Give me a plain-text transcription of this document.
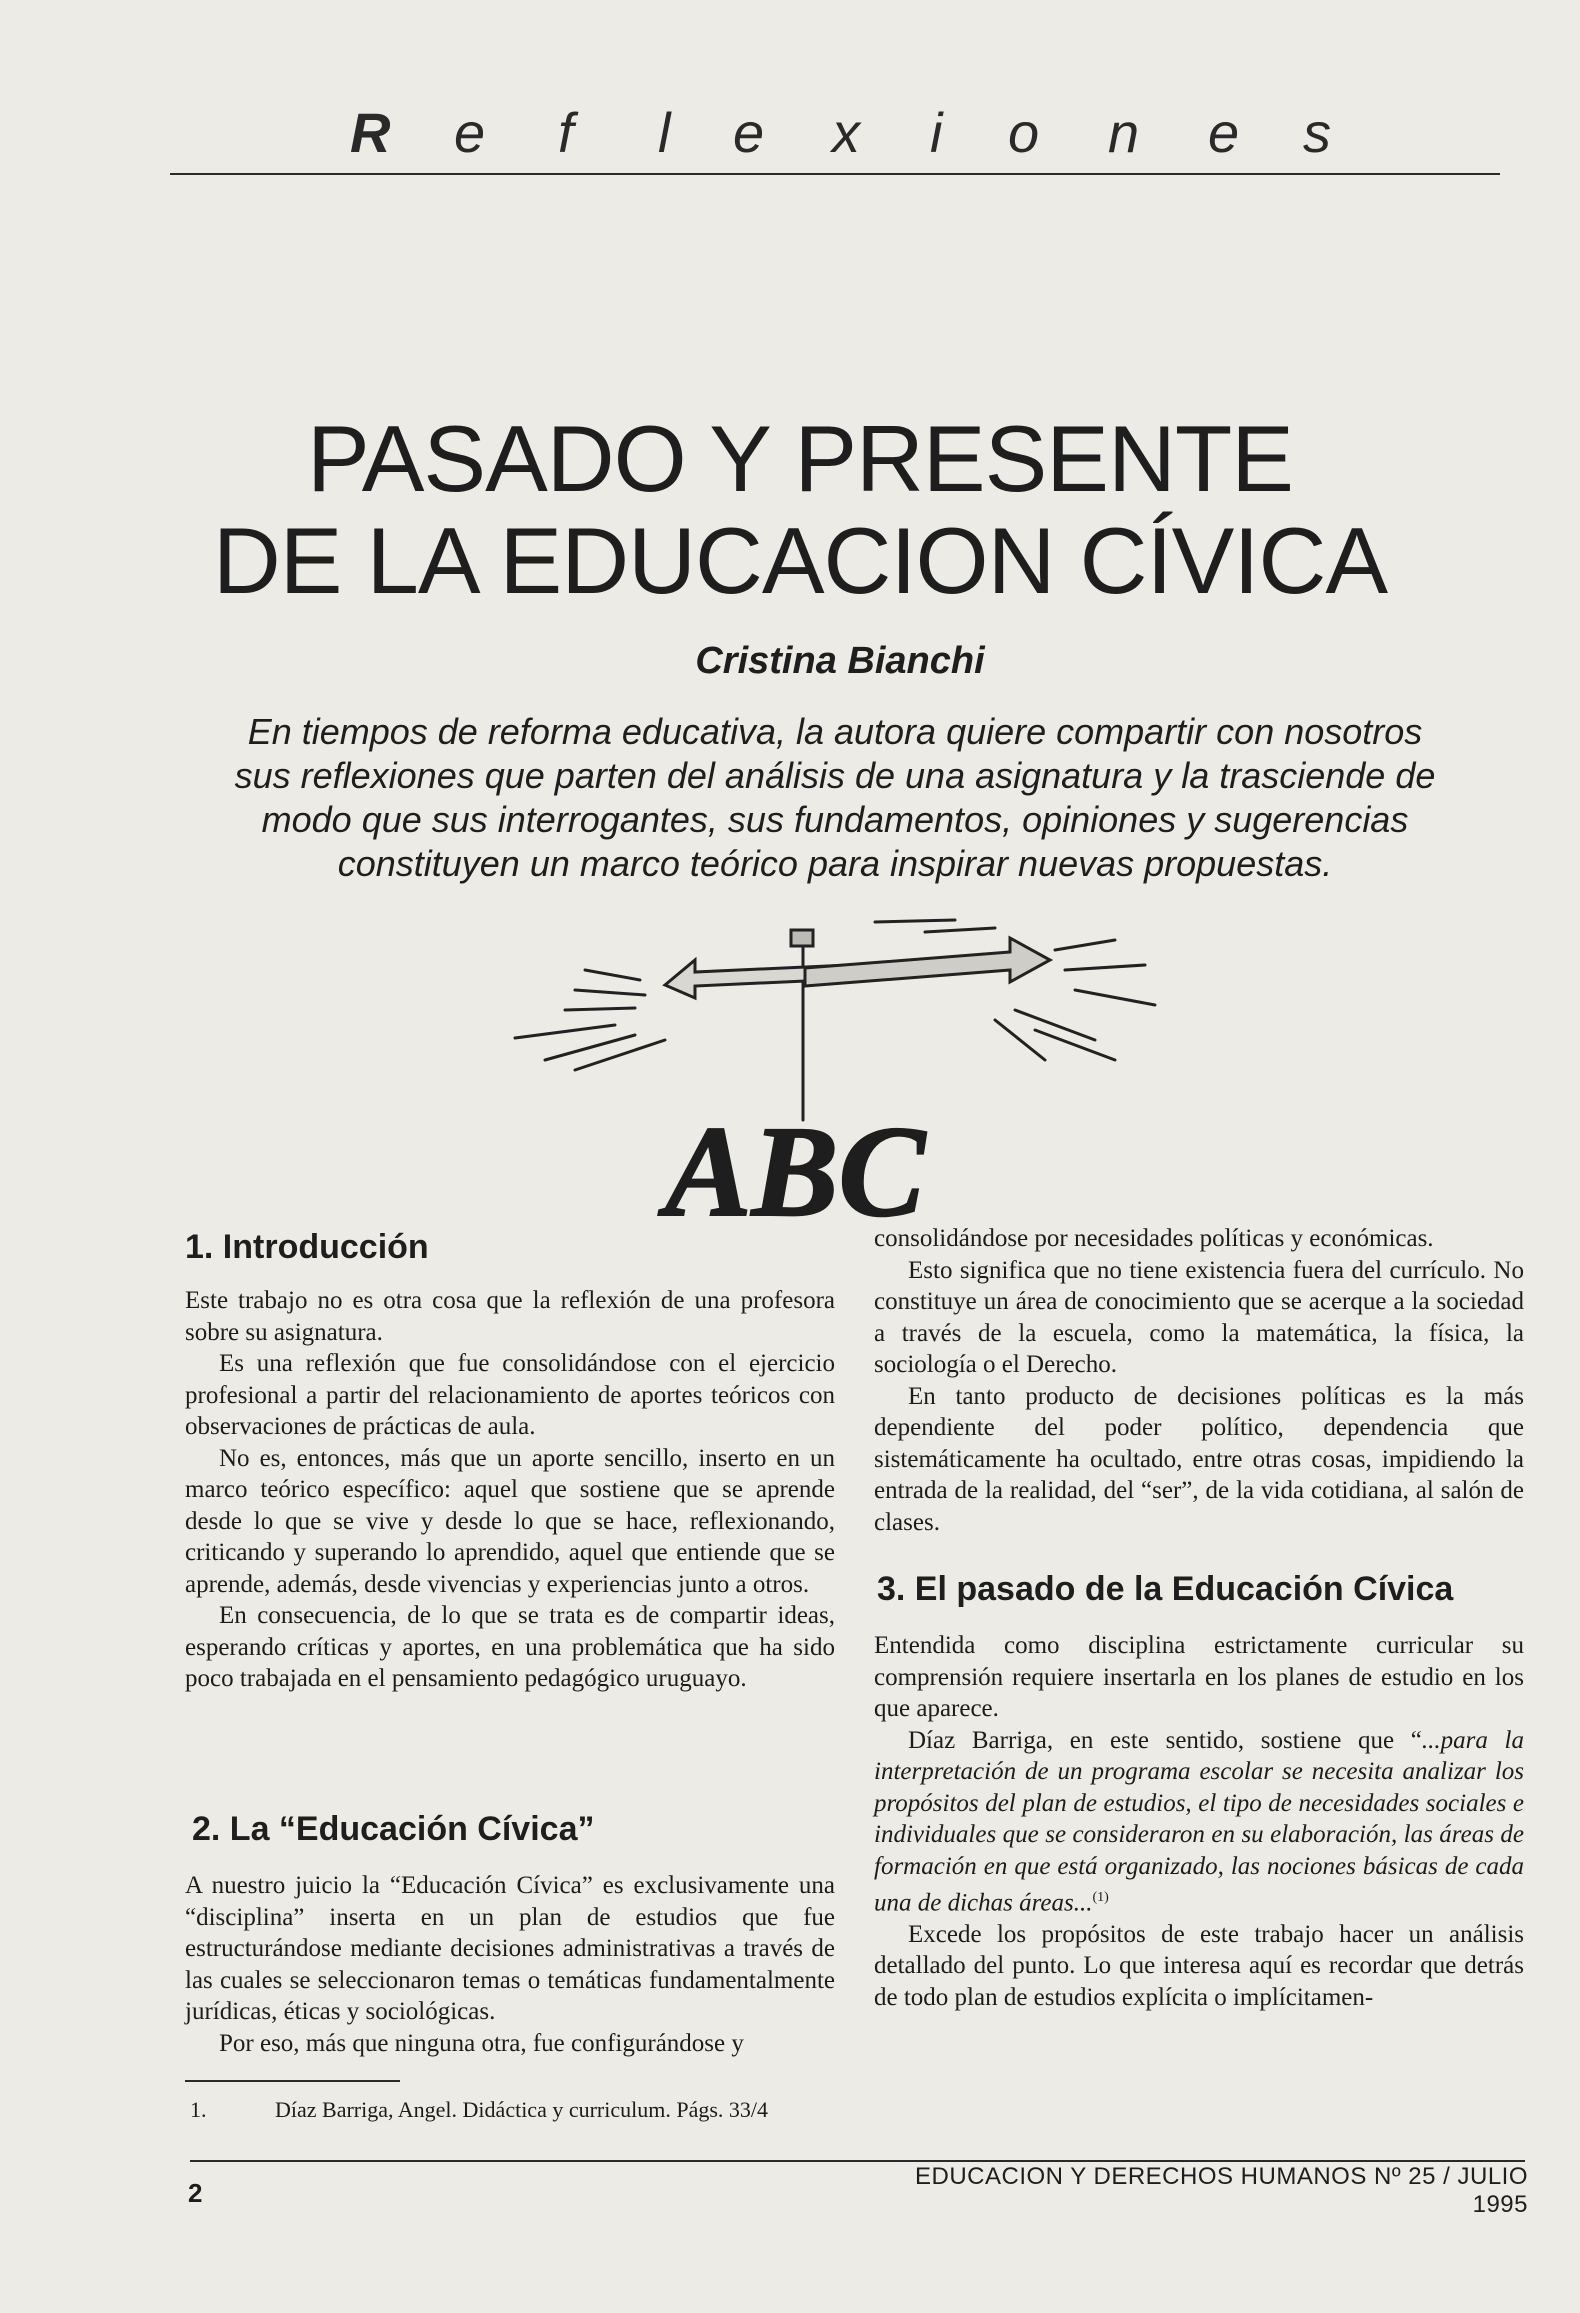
R e f l e x i o n e s
PASADO Y PRESENTE
DE LA EDUCACION CÍVICA
Cristina Bianchi
En tiempos de reforma educativa, la autora quiere compartir con nosotros
sus reflexiones que parten del análisis de una asignatura y la trasciende de
modo que sus interrogantes, sus fundamentos, opiniones y sugerencias
constituyen un marco teórico para inspirar nuevas propuestas.
ABC
1. Introducción

Este trabajo no es otra cosa que la reflexión de una profesora sobre su asignatura.

Es una reflexión que fue consolidándose con el ejercicio profesional a partir del relacionamiento de aportes teóricos con observaciones de prácticas de aula.

No es, entonces, más que un aporte sencillo, inserto en un marco teórico específico: aquel que sostiene que se aprende desde lo que se vive y desde lo que se hace, reflexionando, criticando y superando lo aprendido, aquel que entiende que se aprende, además, desde vivencias y experiencias junto a otros.

En consecuencia, de lo que se trata es de compartir ideas, esperando críticas y aportes, en una problemática que ha sido poco trabajada en el pensamiento pedagógico uruguayo.

2. La “Educación Cívica”

A nuestro juicio la “Educación Cívica” es exclusivamente una “disciplina” inserta en un plan de estudios que fue estructurándose mediante decisiones administrativas a través de las cuales se seleccionaron temas o temáticas fundamentalmente jurídicas, éticas y sociológicas.

Por eso, más que ninguna otra, fue configurándose y

consolidándose por necesidades políticas y económicas.

Esto significa que no tiene existencia fuera del currículo. No constituye un área de conocimiento que se acerque a la sociedad a través de la escuela, como la matemática, la física, la sociología o el Derecho.

En tanto producto de decisiones políticas es la más dependiente del poder político, dependencia que sistemáticamente ha ocultado, entre otras cosas, impidiendo la entrada de la realidad, del “ser”, de la vida cotidiana, al salón de clases.

3. El pasado de la Educación Cívica

Entendida como disciplina estrictamente curricular su comprensión requiere insertarla en los planes de estudio en los que aparece.

Díaz Barriga, en este sentido, sostiene que “...para la interpretación de un programa escolar se necesita analizar los propósitos del plan de estudios, el tipo de necesidades sociales e individuales que se consideraron en su elaboración, las áreas de formación en que está organizado, las nociones básicas de cada una de dichas áreas...$^{(1)}$

Excede los propósitos de este trabajo hacer un análisis detallado del punto. Lo que interesa aquí es recordar que detrás de todo plan de estudios explícita o implícitamen-

1.	Díaz Barriga, Angel. Didáctica y curriculum. Págs. 33/4
EDUCACION Y DERECHOS HUMANOS Nº 25 / JULIO 1995
2
